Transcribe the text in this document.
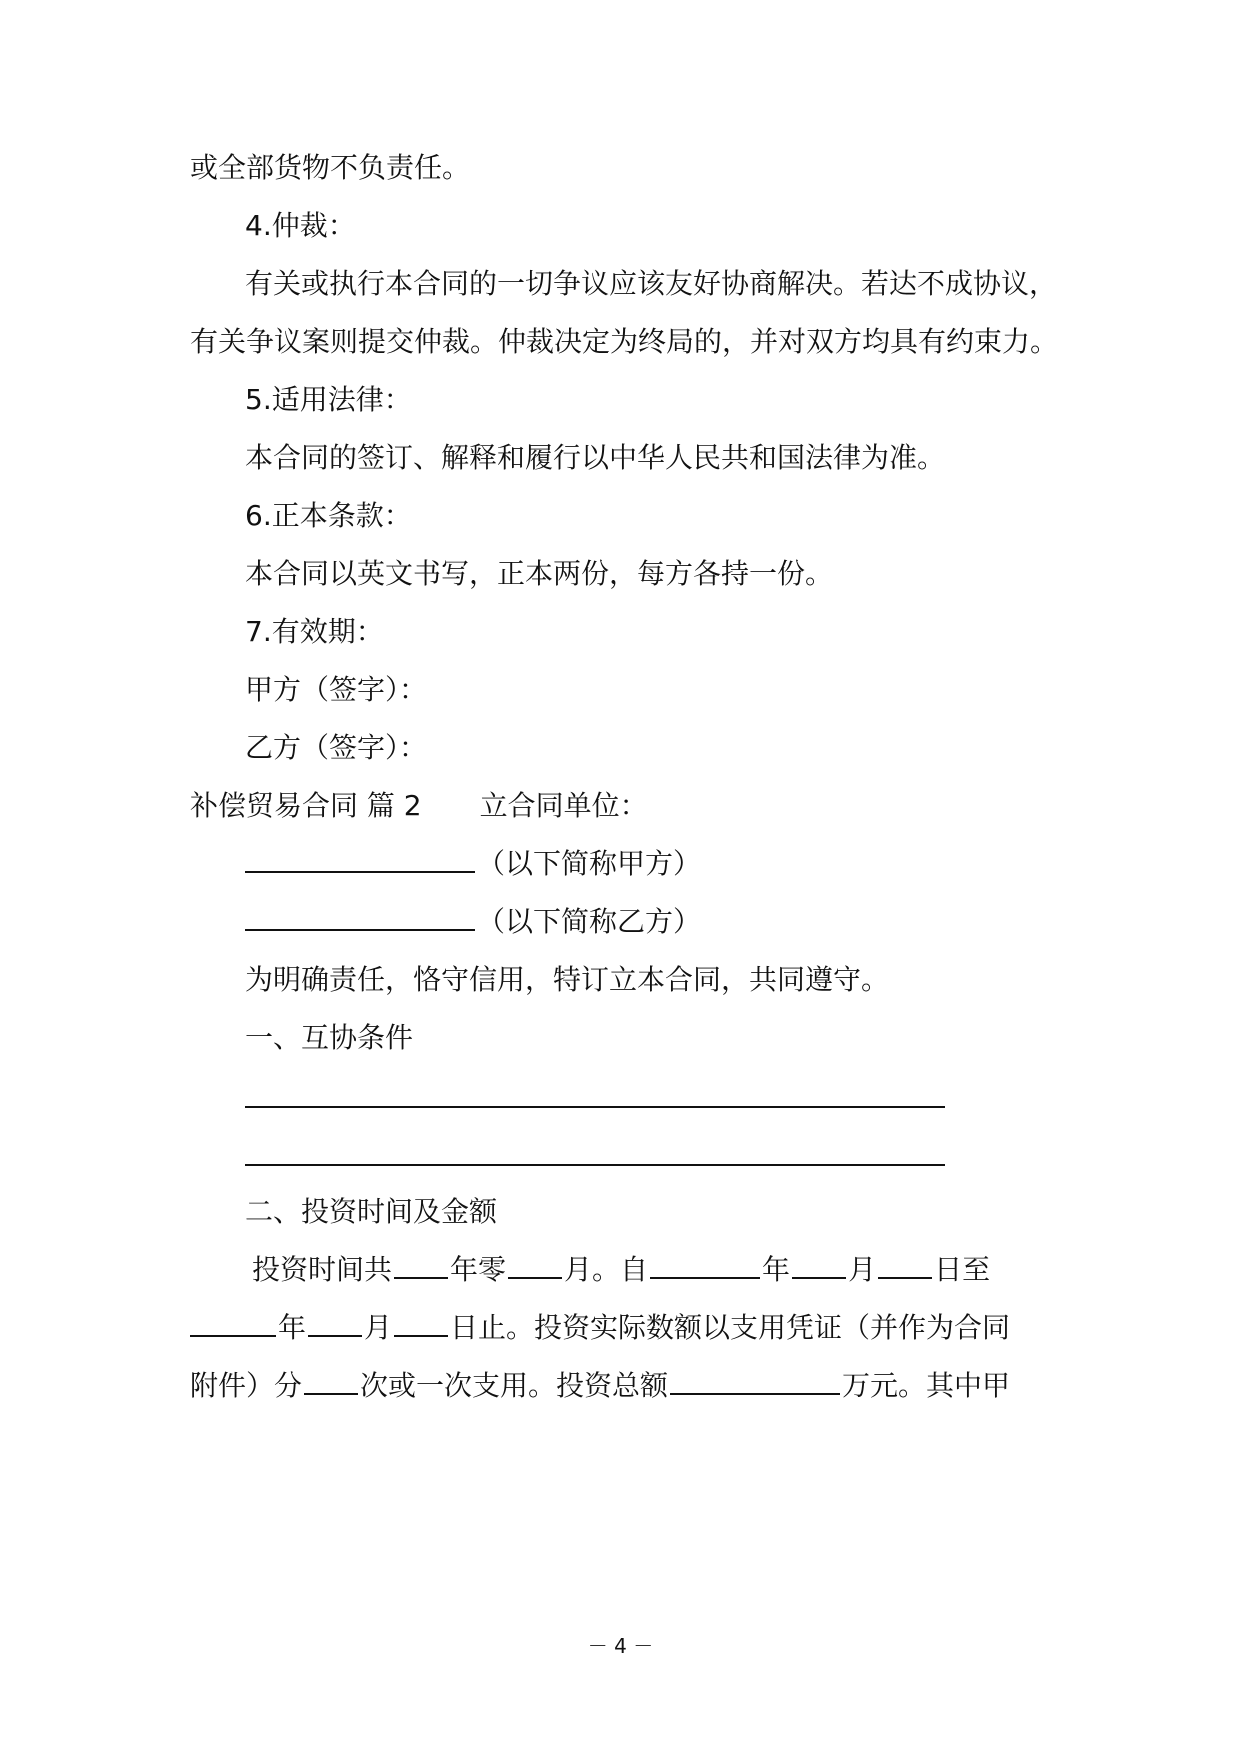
或全部货物不负责任。
4.仲裁：
有关或执行本合同的一切争议应该友好协商解决。若达不成协议，
有关争议案则提交仲裁。仲裁决定为终局的，并对双方均具有约束力。
5.适用法律：
本合同的签订、解释和履行以中华人民共和国法律为准。
6.正本条款：
本合同以英文书写，正本两份，每方各持一份。
7.有效期：
甲方（签字）：
乙方（签字）：
补偿贸易合同 篇 2 立合同单位：
（以下简称甲方）
（以下简称乙方）
为明确责任，恪守信用，特订立本合同，共同遵守。
一、互协条件
二、投资时间及金额
投资时间共 年零 月。自	年 月 日至
年 月 日止。投资实际数额以支用凭证（并作为合同
附件）分 次或一次支用。投资总额	万元。其中甲
－ 4 －
